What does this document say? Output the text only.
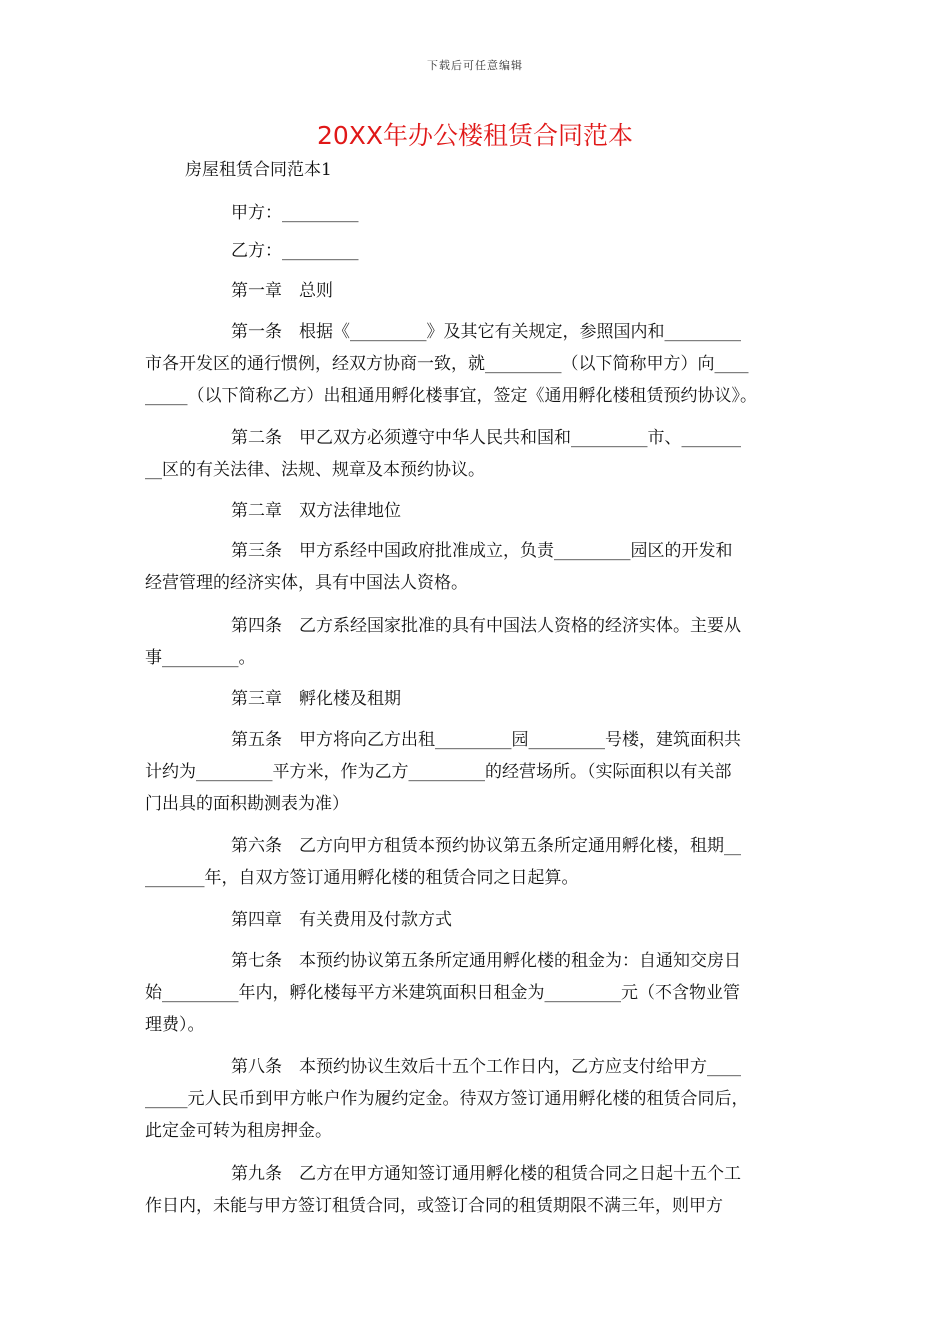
下载后可任意编辑
20XX年办公楼租赁合同范本
房屋租赁合同范本1
甲方：_________
乙方：_________
第一章　总则
第一条　根据《_________》及其它有关规定，参照国内和_________
市各开发区的通行惯例，经双方协商一致，就_________（以下简称甲方）向____
_____（以下简称乙方）出租通用孵化楼事宜，签定《通用孵化楼租赁预约协议》。
第二条　甲乙双方必须遵守中华人民共和国和_________市、_______
__区的有关法律、法规、规章及本预约协议。
第二章　双方法律地位
第三条　甲方系经中国政府批准成立，负责_________园区的开发和
经营管理的经济实体，具有中国法人资格。
第四条　乙方系经国家批准的具有中国法人资格的经济实体。主要从
事_________。
第三章　孵化楼及租期
第五条　甲方将向乙方出租_________园_________号楼，建筑面积共
计约为_________平方米，作为乙方_________的经营场所。（实际面积以有关部
门出具的面积勘测表为准）
第六条　乙方向甲方租赁本预约协议第五条所定通用孵化楼，租期__
_______年，自双方签订通用孵化楼的租赁合同之日起算。
第四章　有关费用及付款方式
第七条　本预约协议第五条所定通用孵化楼的租金为：自通知交房日
始_________年内，孵化楼每平方米建筑面积日租金为_________元（不含物业管
理费）。
第八条　本预约协议生效后十五个工作日内，乙方应支付给甲方____
_____元人民币到甲方帐户作为履约定金。待双方签订通用孵化楼的租赁合同后，
此定金可转为租房押金。
第九条　乙方在甲方通知签订通用孵化楼的租赁合同之日起十五个工
作日内，未能与甲方签订租赁合同，或签订合同的租赁期限不满三年，则甲方
